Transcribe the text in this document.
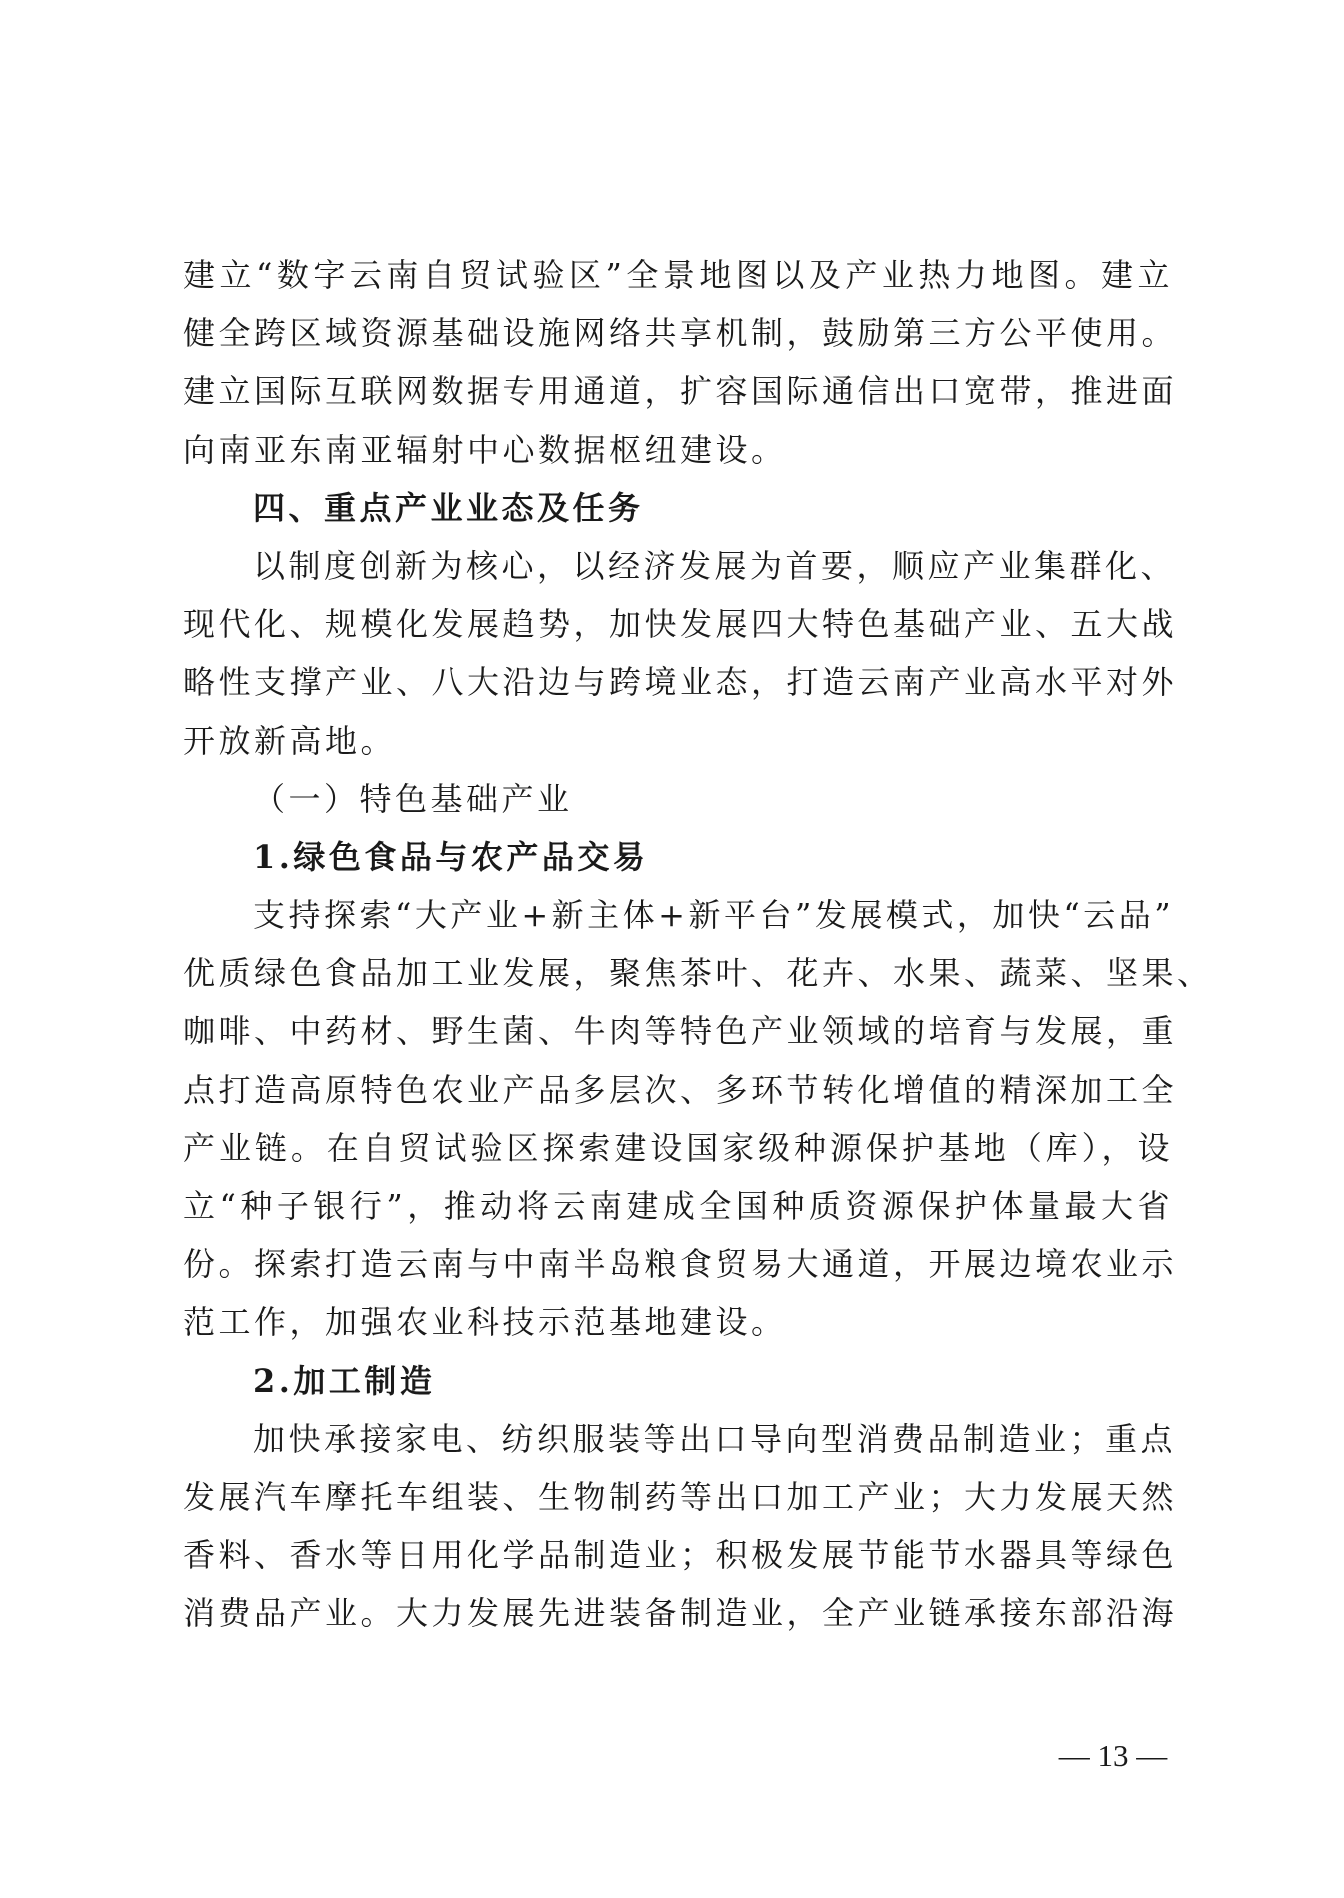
建立“数字云南自贸试验区”全景地图以及产业热力地图。建立
健全跨区域资源基础设施网络共享机制，鼓励第三方公平使用。
建立国际互联网数据专用通道，扩容国际通信出口宽带，推进面
向南亚东南亚辐射中心数据枢纽建设。
四、重点产业业态及任务
以制度创新为核心，以经济发展为首要，顺应产业集群化、
现代化、规模化发展趋势，加快发展四大特色基础产业、五大战
略性支撑产业、八大沿边与跨境业态，打造云南产业高水平对外
开放新高地。
（一）特色基础产业
1.绿色食品与农产品交易
支持探索“大产业+新主体+新平台”发展模式，加快“云品”
优质绿色食品加工业发展，聚焦茶叶、花卉、水果、蔬菜、坚果、
咖啡、中药材、野生菌、牛肉等特色产业领域的培育与发展，重
点打造高原特色农业产品多层次、多环节转化增值的精深加工全
产业链。在自贸试验区探索建设国家级种源保护基地（库），设
立“种子银行”，推动将云南建成全国种质资源保护体量最大省
份。探索打造云南与中南半岛粮食贸易大通道，开展边境农业示
范工作，加强农业科技示范基地建设。
2.加工制造
加快承接家电、纺织服装等出口导向型消费品制造业；重点
发展汽车摩托车组装、生物制药等出口加工产业；大力发展天然
香料、香水等日用化学品制造业；积极发展节能节水器具等绿色
消费品产业。大力发展先进装备制造业，全产业链承接东部沿海
— 13 —
